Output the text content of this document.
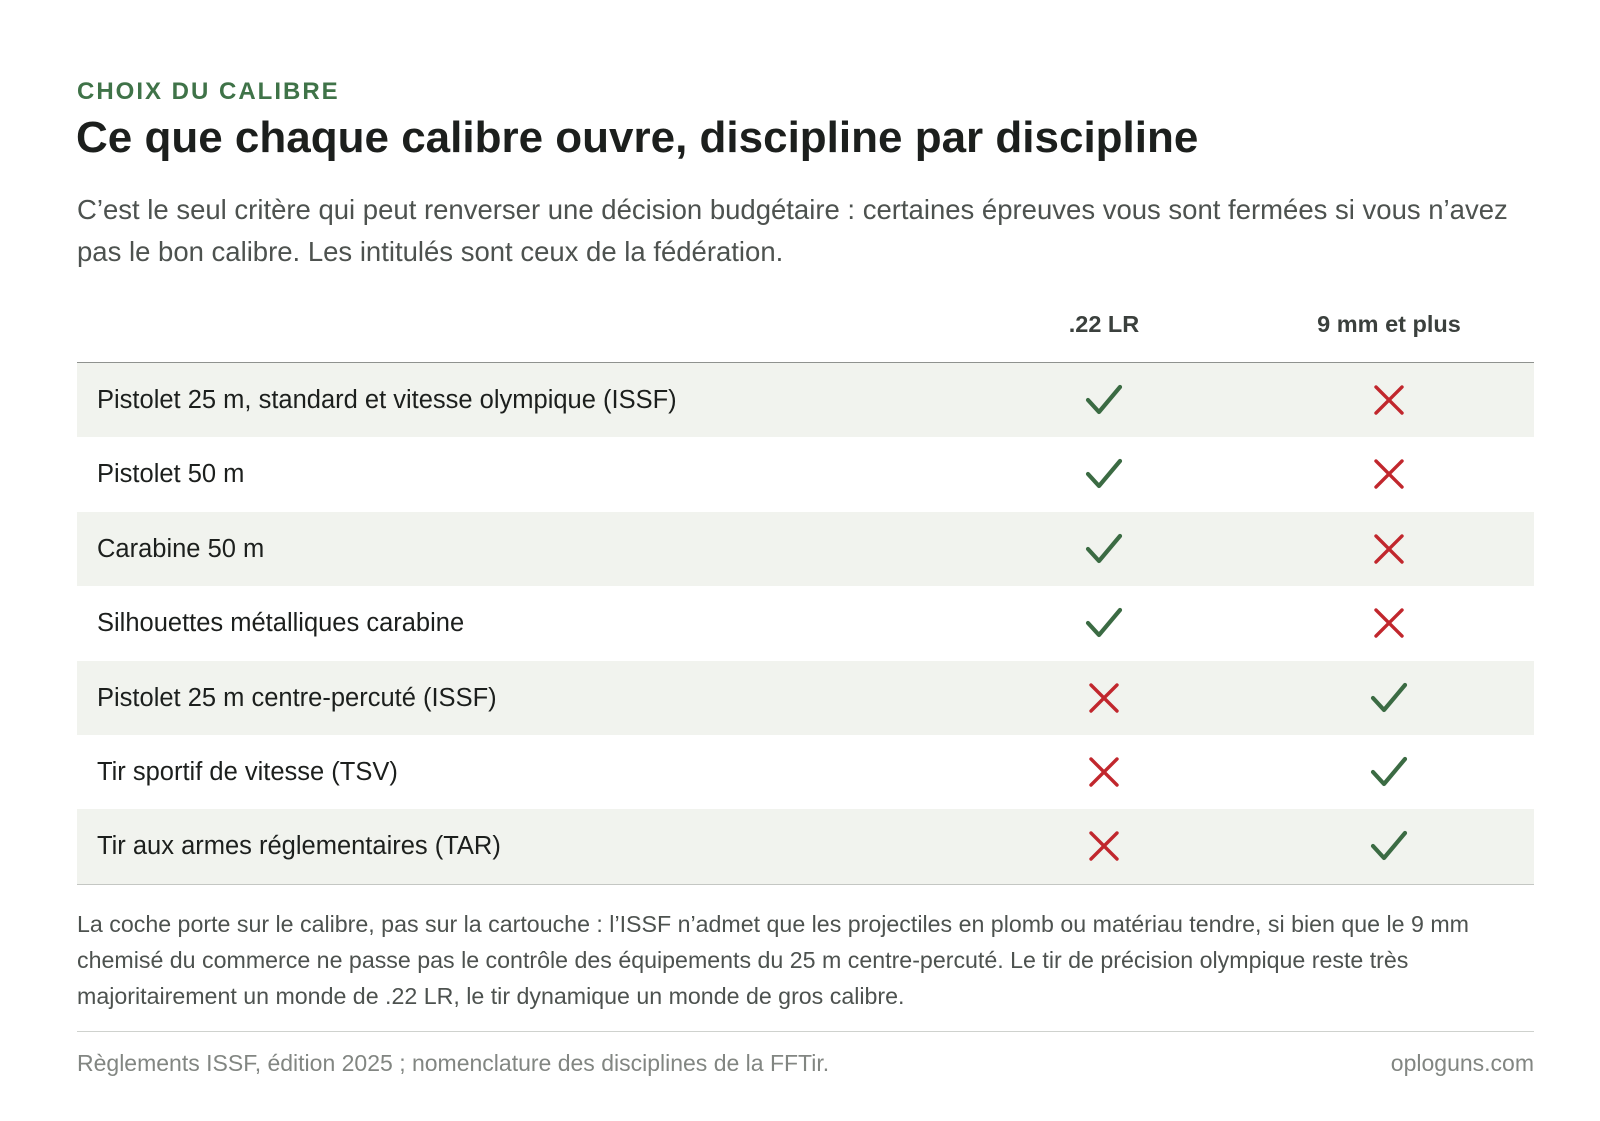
CHOIX DU CALIBRE
Ce que chaque calibre ouvre, discipline par discipline

C’est le seul critère qui peut renverser une décision budgétaire : certaines épreuves vous sont fermées si vous n’avez pas le bon calibre. Les intitulés sont ceux de la fédération.

.22 LR	9 mm et plus
Pistolet 25 m, standard et vitesse olympique (ISSF)
Pistolet 50 m
Carabine 50 m
Silhouettes métalliques carabine
Pistolet 25 m centre-percuté (ISSF)
Tir sportif de vitesse (TSV)
Tir aux armes réglementaires (TAR)

La coche porte sur le calibre, pas sur la cartouche : l’ISSF n’admet que les projectiles en plomb ou matériau tendre, si bien que le 9 mm chemisé du commerce ne passe pas le contrôle des équipements du 25 m centre-percuté. Le tir de précision olympique reste très majoritairement un monde de .22 LR, le tir dynamique un monde de gros calibre.

Règlements ISSF, édition 2025 ; nomenclature des disciplines de la FFTir.	oploguns.com
